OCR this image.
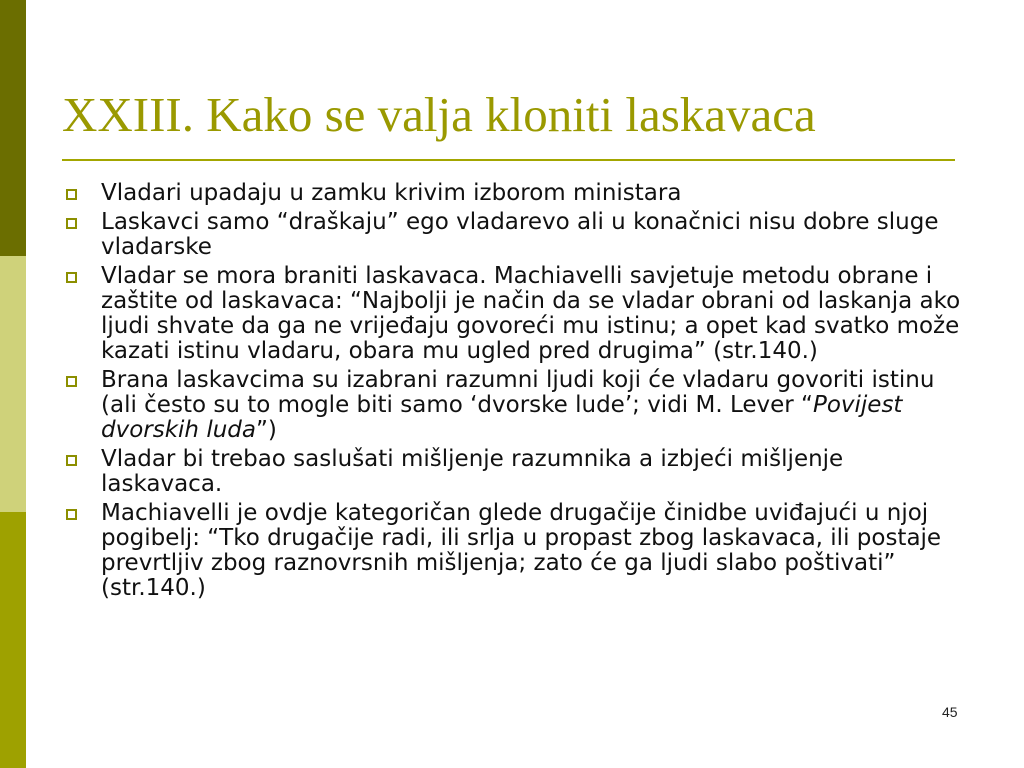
XXIII. Kako se valja kloniti laskavaca
Vladari upadaju u zamku krivim izborom ministara
Laskavci samo “draškaju” ego vladarevo ali u konačnici nisu dobre sluge vladarske
Vladar se mora braniti laskavaca. Machiavelli savjetuje metodu obrane i zaštite od laskavaca: “Najbolji je način da se vladar obrani od laskanja ako ljudi shvate da ga ne vrijeđaju govoreći mu istinu; a opet kad svatko može kazati istinu vladaru, obara mu ugled pred drugima” (str.140.)
Brana laskavcima su izabrani razumni ljudi koji će vladaru govoriti istinu (ali često su to mogle biti samo ‘dvorske lude’; vidi M. Lever “Povijest dvorskih luda”)
Vladar bi trebao saslušati mišljenje razumnika a izbjeći mišljenje laskavaca.
Machiavelli je ovdje kategoričan glede drugačije činidbe uviđajući u njoj pogibelj: “Tko drugačije radi, ili srlja u propast zbog laskavaca, ili postaje prevrtljiv zbog raznovrsnih mišljenja; zato će ga ljudi slabo poštivati” (str.140.)
45
